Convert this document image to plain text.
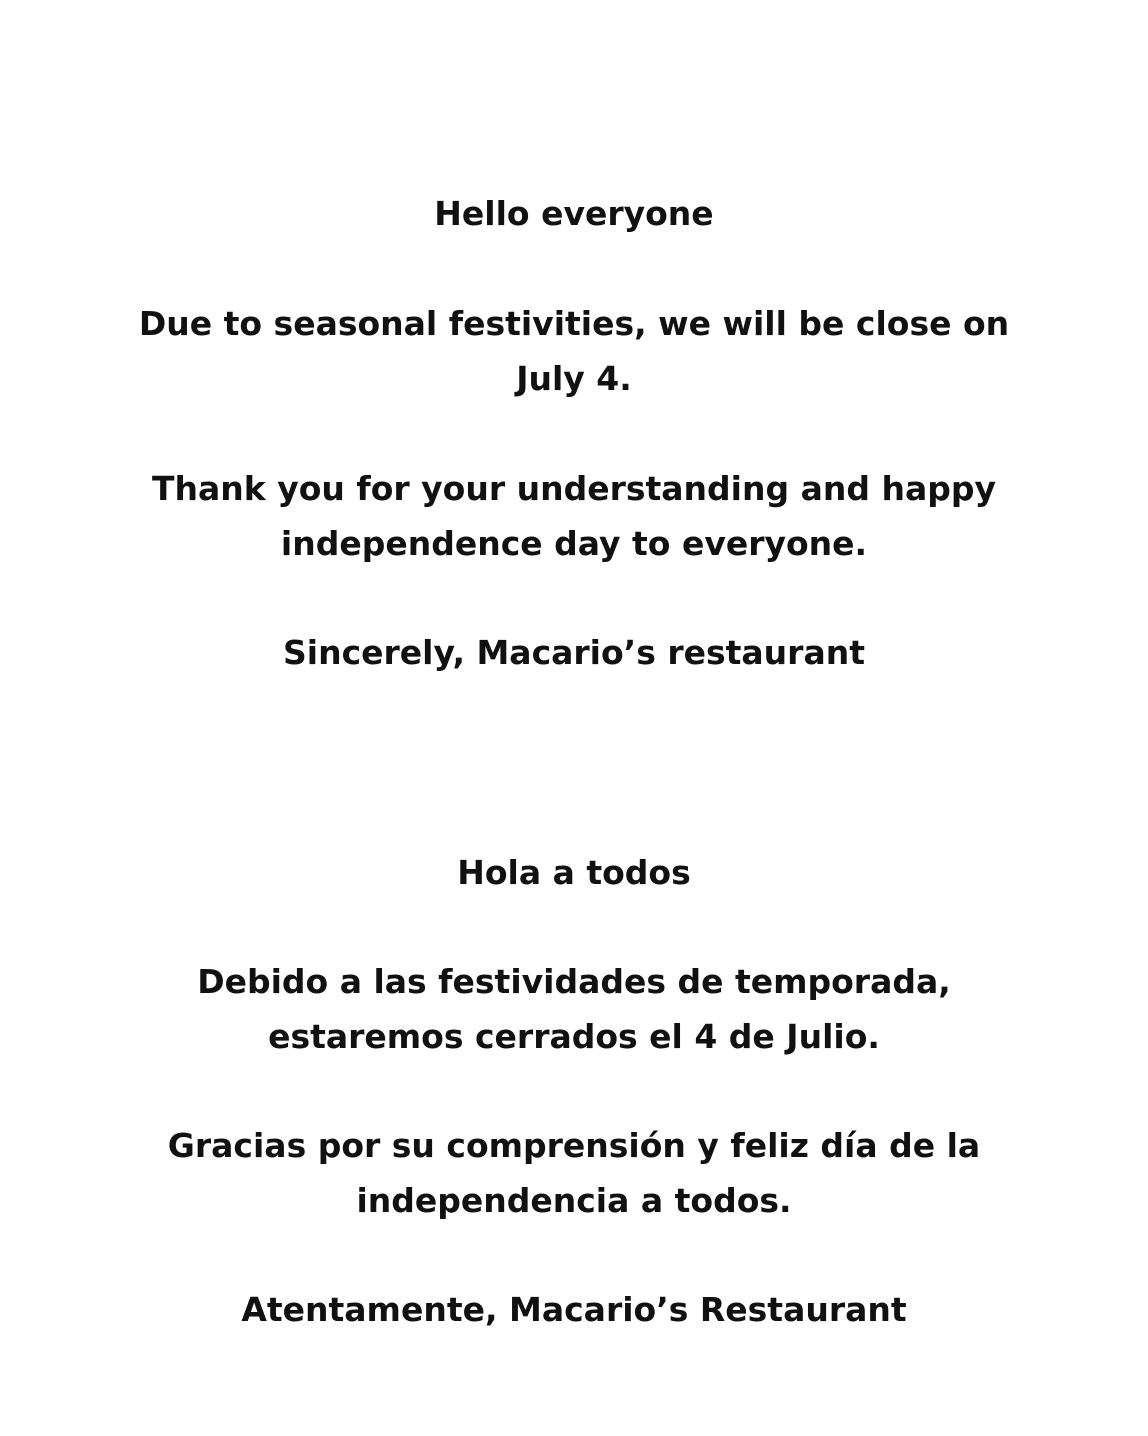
Hello everyone
Due to seasonal festivities, we will be close on
July 4.
Thank you for your understanding and happy
independence day to everyone.
Sincerely, Macario’s restaurant
Hola a todos
Debido a las festividades de temporada,
estaremos cerrados el 4 de Julio.
Gracias por su comprensión y feliz día de la
independencia a todos.
Atentamente, Macario’s Restaurant
